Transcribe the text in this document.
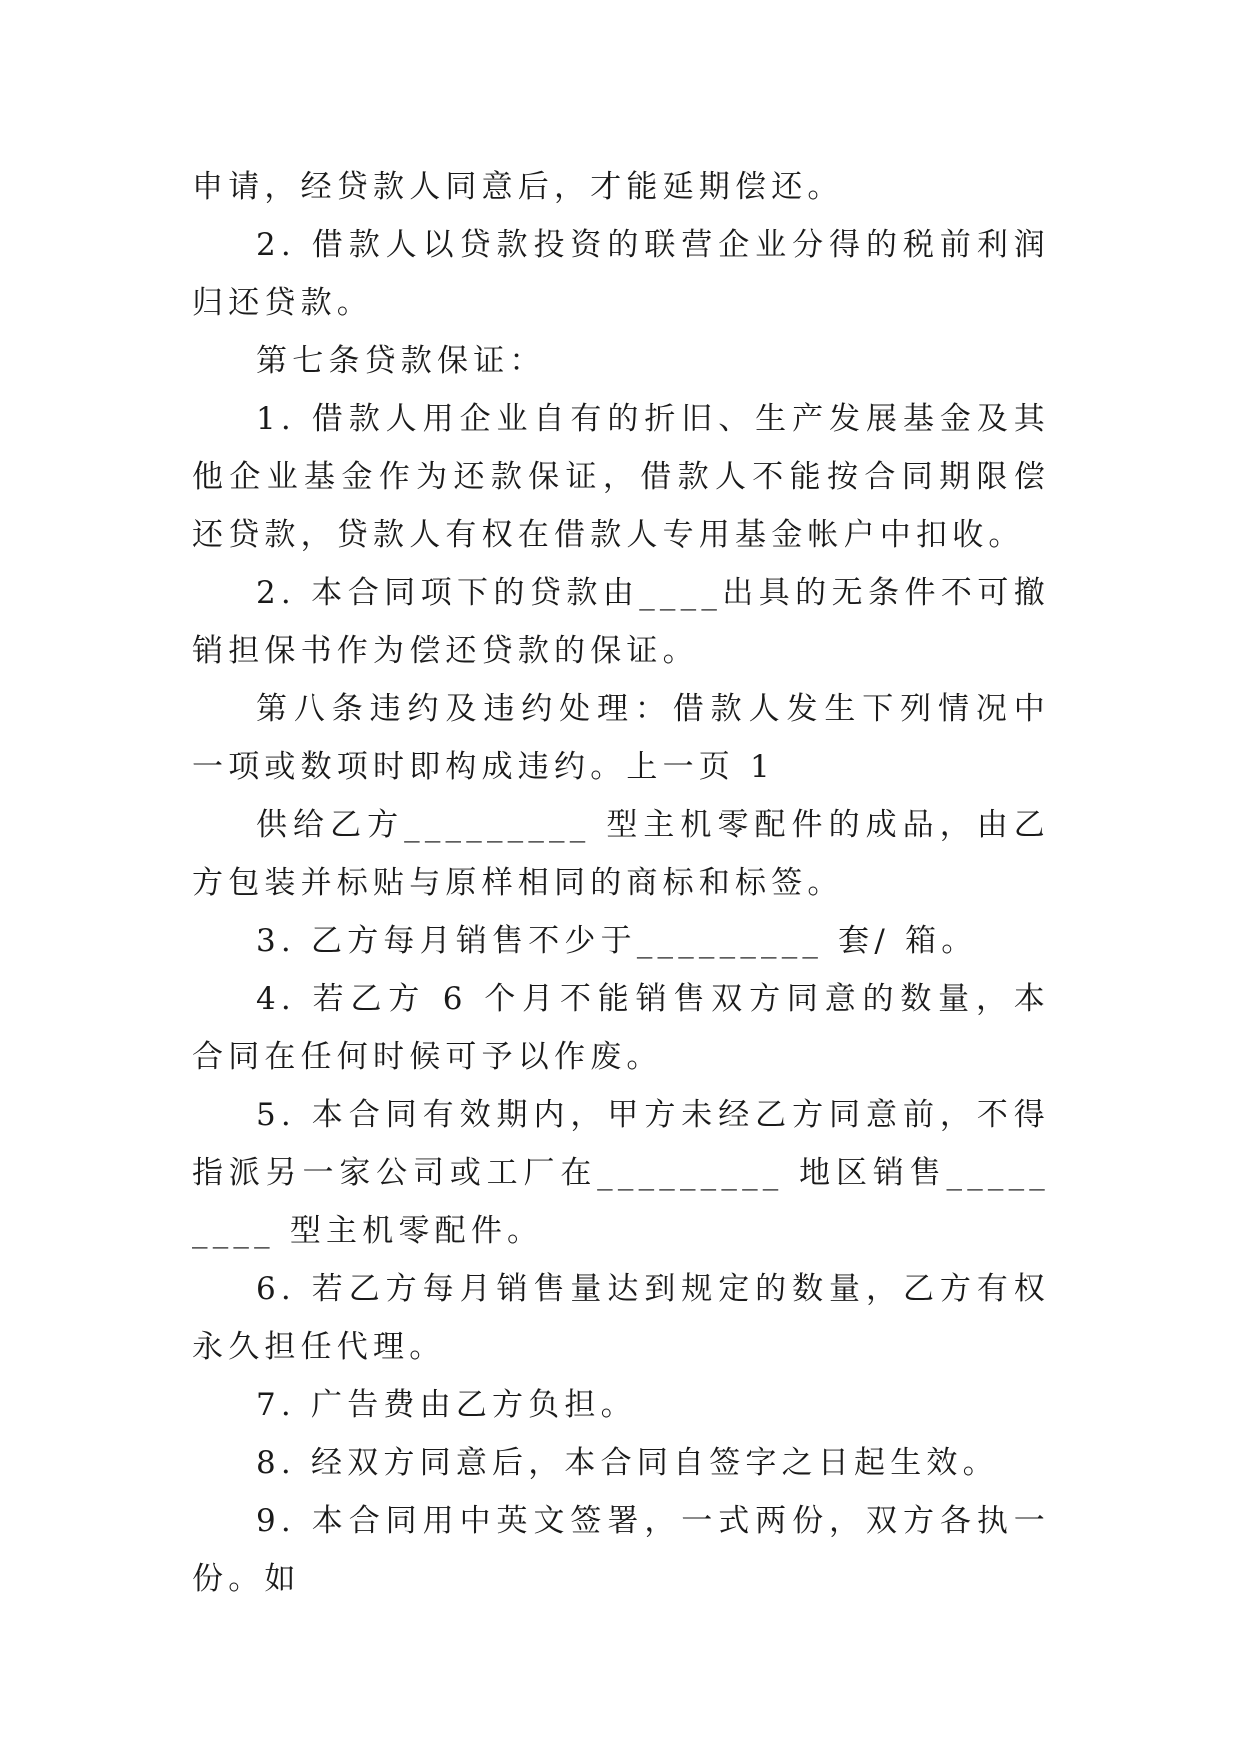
申请，经贷款人同意后，才能延期偿还。

2. 借款人以贷款投资的联营企业分得的税前利润归还贷款。

第七条贷款保证：

1. 借款人用企业自有的折旧、生产发展基金及其他企业基金作为还款保证，借款人不能按合同期限偿还贷款，贷款人有权在借款人专用基金帐户中扣收。

2. 本合同项下的贷款由____出具的无条件不可撤销担保书作为偿还贷款的保证。

第八条违约及违约处理：借款人发生下列情况中一项或数项时即构成违约。上一页 1

供给乙方_________ 型主机零配件的成品，由乙方包装并标贴与原样相同的商标和标签。

3. 乙方每月销售不少于_________ 套/ 箱。

4. 若乙方 6 个月不能销售双方同意的数量，本合同在任何时候可予以作废。

5. 本合同有效期内，甲方未经乙方同意前，不得指派另一家公司或工厂在_________ 地区销售_________ 型主机零配件。

6. 若乙方每月销售量达到规定的数量，乙方有权永久担任代理。

7. 广告费由乙方负担。

8. 经双方同意后，本合同自签字之日起生效。

9. 本合同用中英文签署，一式两份，双方各执一份。如
